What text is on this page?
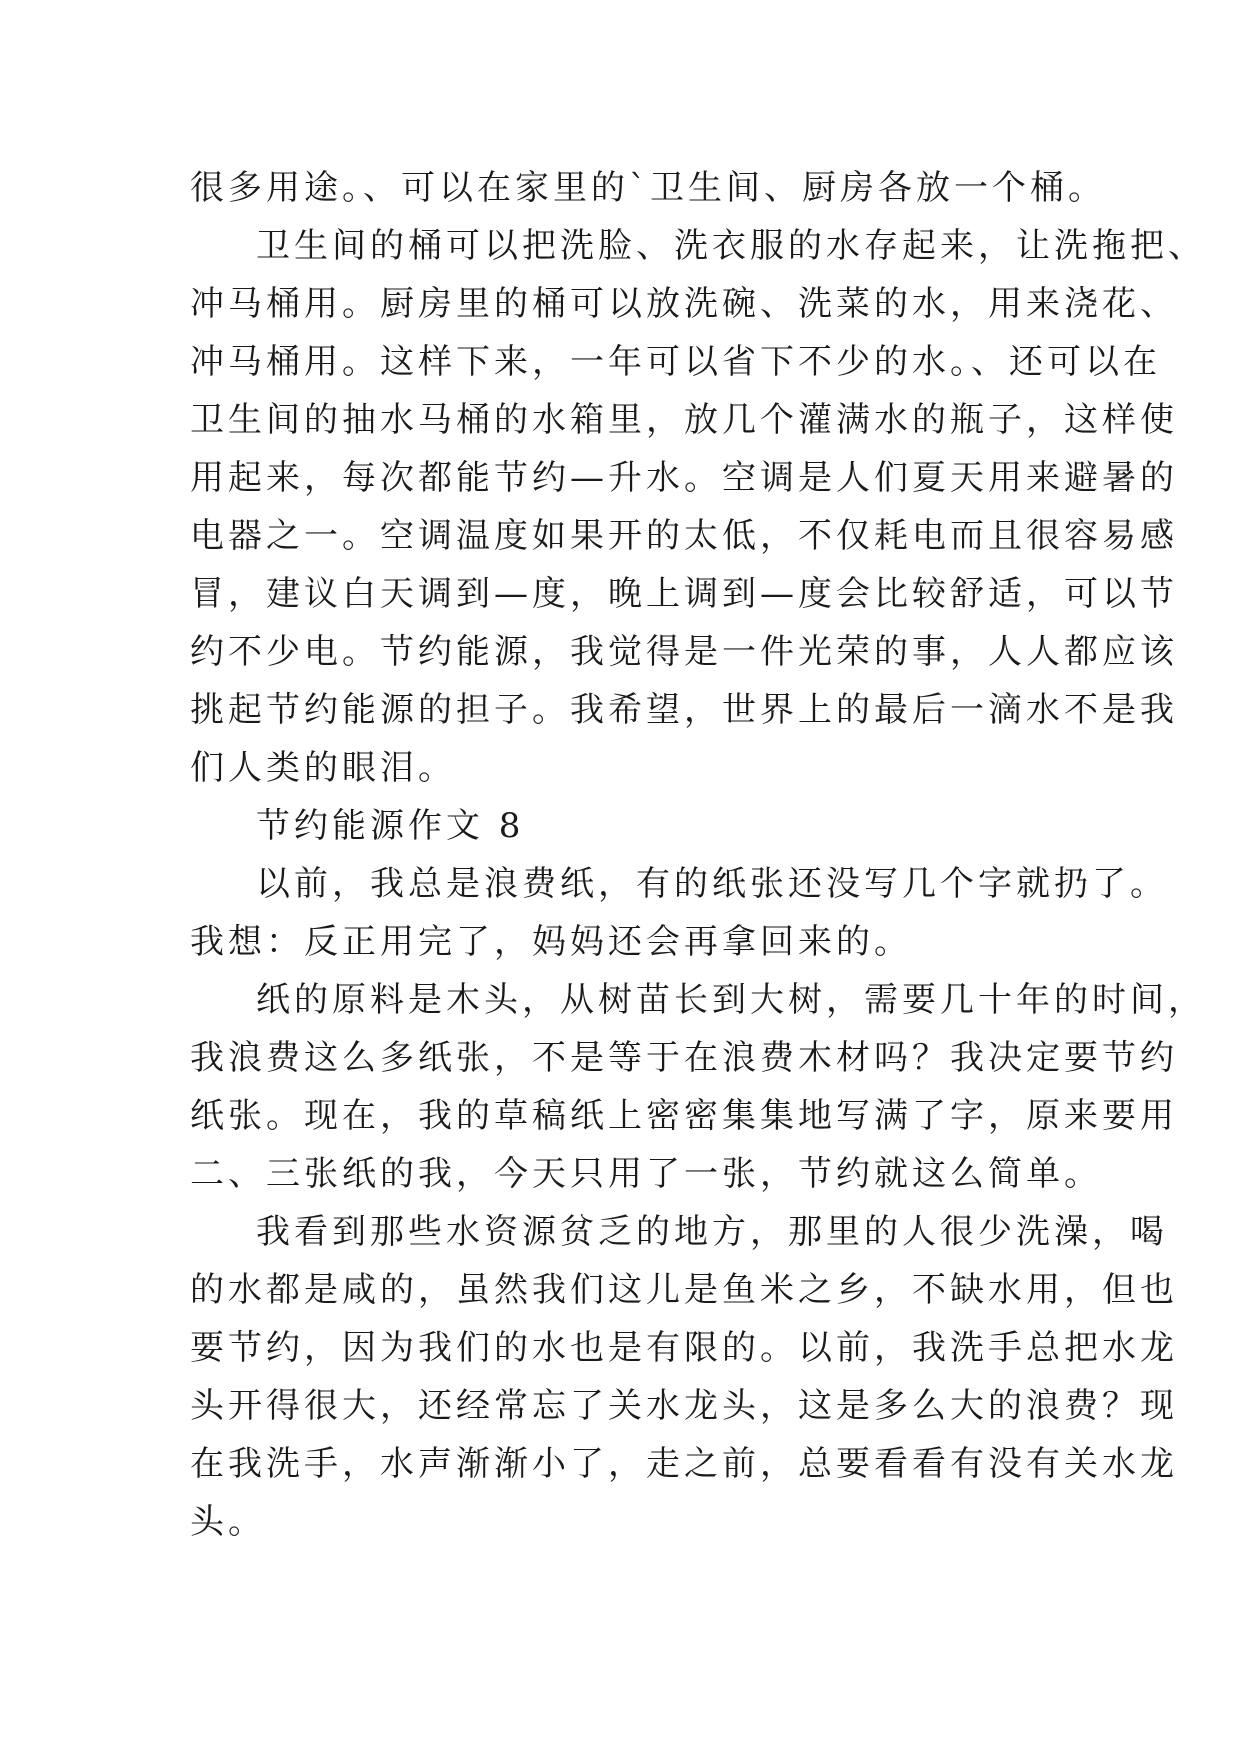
很多用途。、可以在家里的`卫生间、厨房各放一个桶。
卫生间的桶可以把洗脸、洗衣服的水存起来，让洗拖把、
冲马桶用。厨房里的桶可以放洗碗、洗菜的水，用来浇花、
冲马桶用。这样下来，一年可以省下不少的水。、还可以在
卫生间的抽水马桶的水箱里，放几个灌满水的瓶子，这样使
用起来，每次都能节约—升水。空调是人们夏天用来避暑的
电器之一。空调温度如果开的太低，不仅耗电而且很容易感
冒，建议白天调到—度，晚上调到—度会比较舒适，可以节
约不少电。节约能源，我觉得是一件光荣的事，人人都应该
挑起节约能源的担子。我希望，世界上的最后一滴水不是我
们人类的眼泪。
节约能源作文 8
以前，我总是浪费纸，有的纸张还没写几个字就扔了。
我想：反正用完了，妈妈还会再拿回来的。
纸的原料是木头，从树苗长到大树，需要几十年的时间，
我浪费这么多纸张，不是等于在浪费木材吗？我决定要节约
纸张。现在，我的草稿纸上密密集集地写满了字，原来要用
二、三张纸的我，今天只用了一张，节约就这么简单。
我看到那些水资源贫乏的地方，那里的人很少洗澡，喝
的水都是咸的，虽然我们这儿是鱼米之乡，不缺水用，但也
要节约，因为我们的水也是有限的。以前，我洗手总把水龙
头开得很大，还经常忘了关水龙头，这是多么大的浪费？现
在我洗手，水声渐渐小了，走之前，总要看看有没有关水龙
头。
